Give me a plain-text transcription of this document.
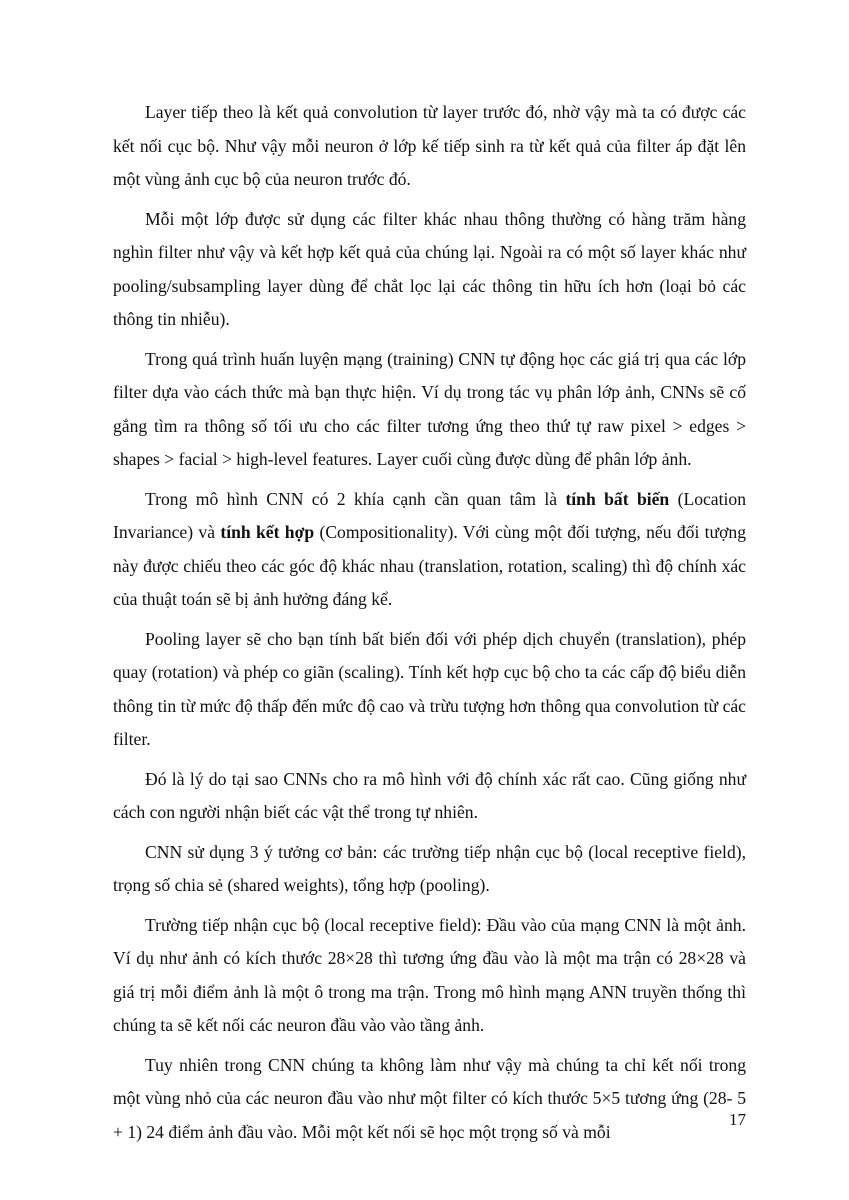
Layer tiếp theo là kết quả convolution từ layer trước đó, nhờ vậy mà ta có được các kết nối cục bộ. Như vậy mỗi neuron ở lớp kế tiếp sinh ra từ kết quả của filter áp đặt lên một vùng ảnh cục bộ của neuron trước đó.

Mỗi một lớp được sử dụng các filter khác nhau thông thường có hàng trăm hàng nghìn filter như vậy và kết hợp kết quả của chúng lại. Ngoài ra có một số layer khác như pooling/subsampling layer dùng để chắt lọc lại các thông tin hữu ích hơn (loại bỏ các thông tin nhiễu).

Trong quá trình huấn luyện mạng (training) CNN tự động học các giá trị qua các lớp filter dựa vào cách thức mà bạn thực hiện. Ví dụ trong tác vụ phân lớp ảnh, CNNs sẽ cố gắng tìm ra thông số tối ưu cho các filter tương ứng theo thứ tự raw pixel > edges > shapes > facial > high-level features. Layer cuối cùng được dùng để phân lớp ảnh.

Trong mô hình CNN có 2 khía cạnh cần quan tâm là tính bất biến (Location Invariance) và tính kết hợp (Compositionality). Với cùng một đối tượng, nếu đối tượng này được chiếu theo các góc độ khác nhau (translation, rotation, scaling) thì độ chính xác của thuật toán sẽ bị ảnh hưởng đáng kể.

Pooling layer sẽ cho bạn tính bất biến đối với phép dịch chuyển (translation), phép quay (rotation) và phép co giãn (scaling). Tính kết hợp cục bộ cho ta các cấp độ biểu diễn thông tin từ mức độ thấp đến mức độ cao và trừu tượng hơn thông qua convolution từ các filter.

Đó là lý do tại sao CNNs cho ra mô hình với độ chính xác rất cao. Cũng giống như cách con người nhận biết các vật thể trong tự nhiên.

CNN sử dụng 3 ý tưởng cơ bản: các trường tiếp nhận cục bộ (local receptive field), trọng số chia sẻ (shared weights), tổng hợp (pooling).

Trường tiếp nhận cục bộ (local receptive field): Đầu vào của mạng CNN là một ảnh. Ví dụ như ảnh có kích thước 28×28 thì tương ứng đầu vào là một ma trận có 28×28 và giá trị mỗi điểm ảnh là một ô trong ma trận. Trong mô hình mạng ANN truyền thống thì chúng ta sẽ kết nối các neuron đầu vào vào tầng ảnh.

Tuy nhiên trong CNN chúng ta không làm như vậy mà chúng ta chỉ kết nối trong một vùng nhỏ của các neuron đầu vào như một filter có kích thước 5×5 tương ứng (28- 5 + 1) 24 điểm ảnh đầu vào. Mỗi một kết nối sẽ học một trọng số và mỗi

17
